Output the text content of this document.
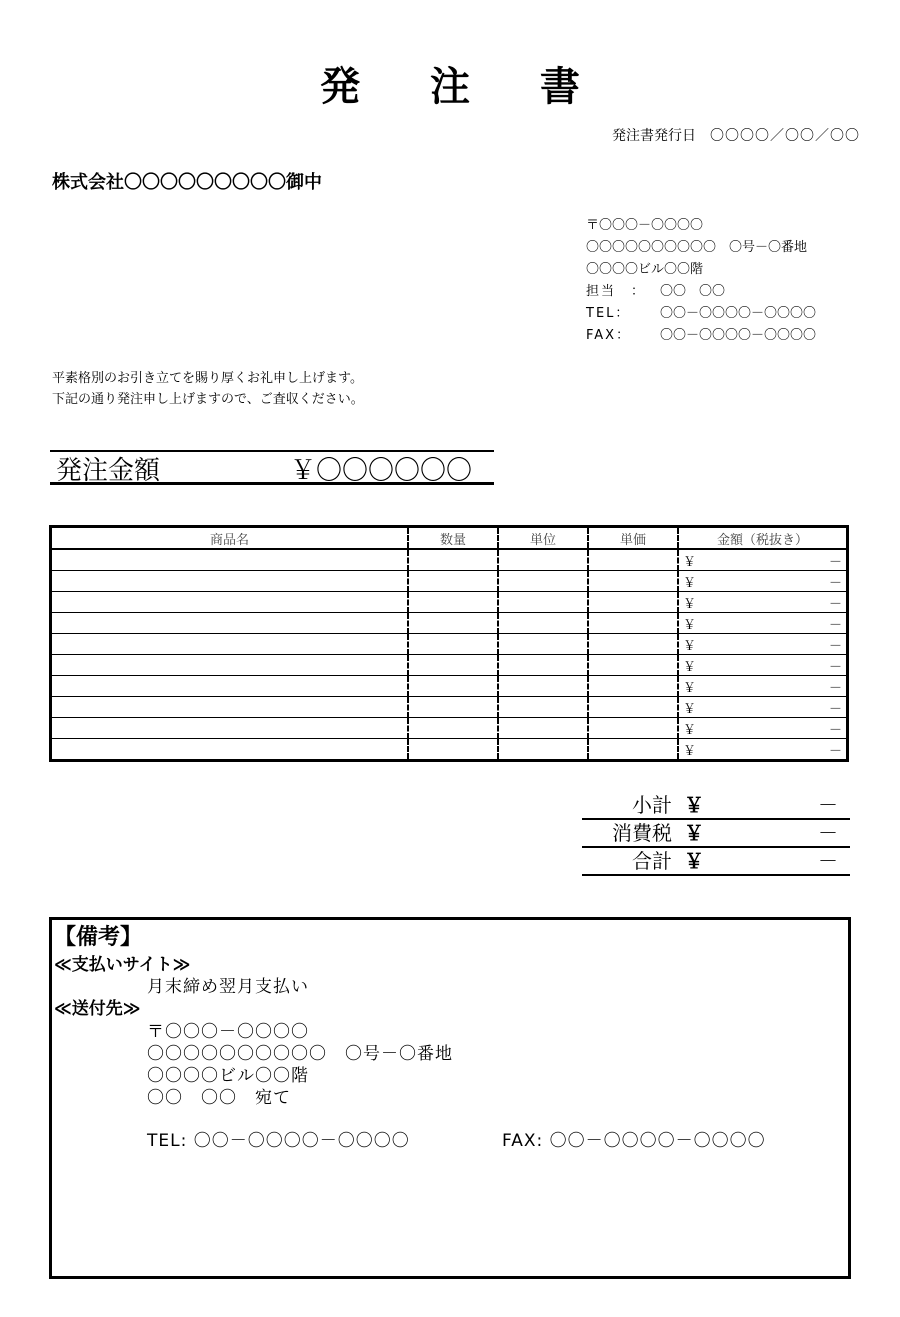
発 注 書
発注書発行日 〇〇〇〇／〇〇／〇〇
株式会社〇〇〇〇〇〇〇〇〇御中
〒〇〇〇－〇〇〇〇
〇〇〇〇〇〇〇〇〇〇　〇号－〇番地
〇〇〇〇ビル〇〇階
担当　： 〇〇　〇〇
TEL： 〇〇－〇〇〇〇－〇〇〇〇
FAX： 〇〇－〇〇〇〇－〇〇〇〇
平素格別のお引き立てを賜り厚くお礼申し上げます。
下記の通り発注申し上げますので、ご査収ください。
発注金額	￥〇〇〇〇〇〇
商品名	数量	単位	単価	金額（税抜き）

				￥ －

				￥ －

				￥ －

				￥ －

				￥ －

				￥ －

				￥ －

				￥ －

				￥ －

				￥ －
小計 ￥	－
消費税 ￥	－
合計 ￥	－
【備考】
≪支払いサイト≫
月末締め翌月支払い
≪送付先≫
〒〇〇〇－〇〇〇〇
〇〇〇〇〇〇〇〇〇〇　〇号－〇番地
〇〇〇〇ビル〇〇階
〇〇　〇〇　宛て
TEL: 〇〇－〇〇〇〇－〇〇〇〇	FAX: 〇〇－〇〇〇〇－〇〇〇〇
